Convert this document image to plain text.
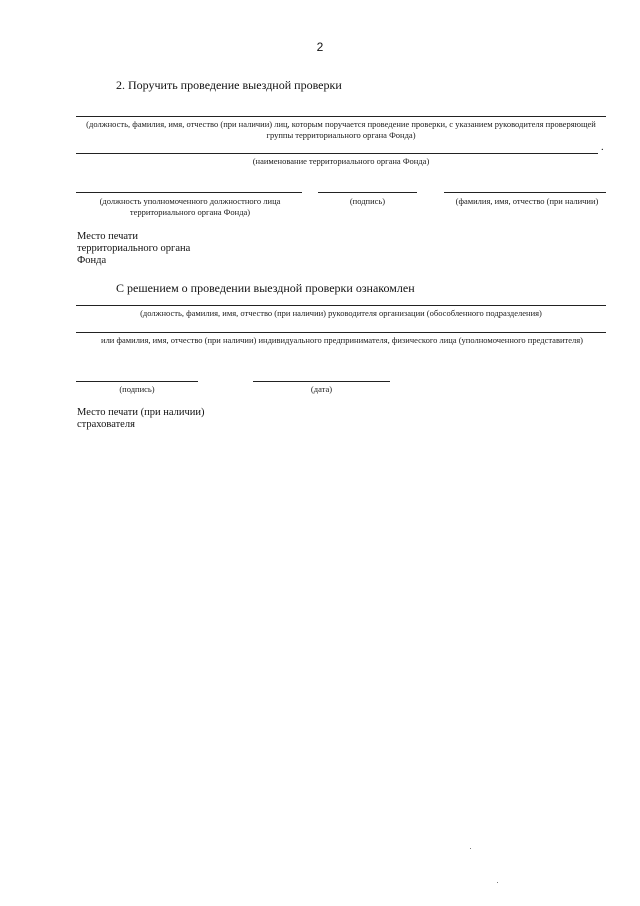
2
2. Поручить проведение выездной проверки
(должность, фамилия, имя, отчество (при наличии) лиц, которым поручается проведение проверки, с указанием руководителя проверяющей группы территориального органа Фонда)
.
(наименование территориального органа Фонда)
(должность уполномоченного должностного лица территориального органа Фонда)
(подпись)	(фамилия, имя, отчество (при наличии)
Место печати
территориального органа
Фонда
С решением о проведении выездной проверки ознакомлен
(должность, фамилия, имя, отчество (при наличии) руководителя организации (обособленного подразделения)
или фамилия, имя, отчество (при наличии) индивидуального предпринимателя, физического лица (уполномоченного представителя)
(подпись)	(дата)
Место печати (при наличии)
страхователя
